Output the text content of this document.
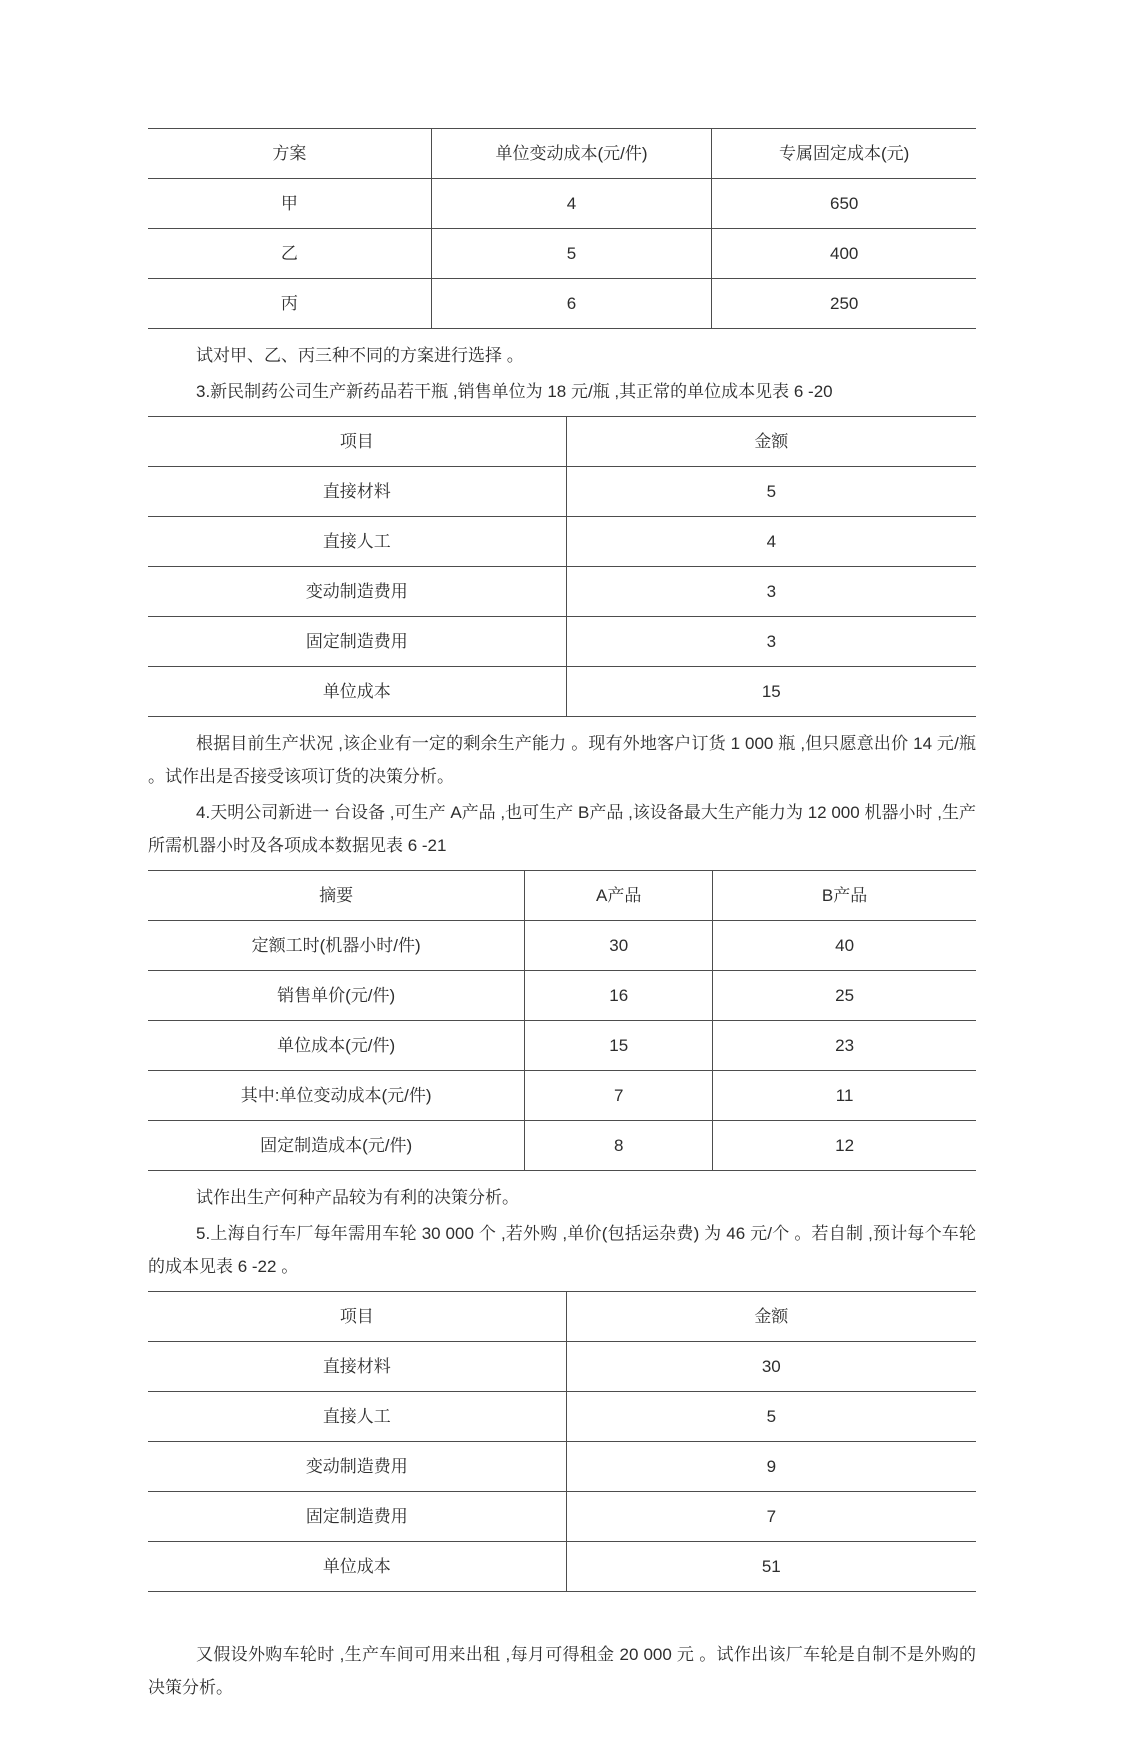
方案	单位变动成本(元/件)	专属固定成本(元)
甲	4	650
乙	5	400
丙	6	250

试对甲、乙、丙三种不同的方案进行选择 。

3.新民制药公司生产新药品若干瓶 ,销售单位为 18 元/瓶 ,其正常的单位成本见表 6 -20

项目	金额
直接材料	5
直接人工	4
变动制造费用	3
固定制造费用	3
单位成本	15

根据目前生产状况 ,该企业有一定的剩余生产能力 。现有外地客户订货 1 000 瓶 ,但只愿意出价 14 元/瓶 。试作出是否接受该项订货的决策分析。

4.天明公司新进一 台设备 ,可生产 A产品 ,也可生产 B产品 ,该设备最大生产能力为 12 000 机器小时 ,生产所需机器小时及各项成本数据见表 6 -21

摘要	A产品	B产品
定额工时(机器小时/件)	30	40
销售单价(元/件)	16	25
单位成本(元/件)	15	23
其中:单位变动成本(元/件)	7	11
固定制造成本(元/件)	8	12

试作出生产何种产品较为有利的决策分析。

5.上海自行车厂每年需用车轮 30 000 个 ,若外购 ,单价(包括运杂费) 为 46 元/个 。若自制 ,预计每个车轮的成本见表 6 -22 。

项目	金额
直接材料	30
直接人工	5
变动制造费用	9
固定制造费用	7
单位成本	51

又假设外购车轮时 ,生产车间可用来出租 ,每月可得租金 20 000 元 。试作出该厂车轮是自制不是外购的决策分析。
